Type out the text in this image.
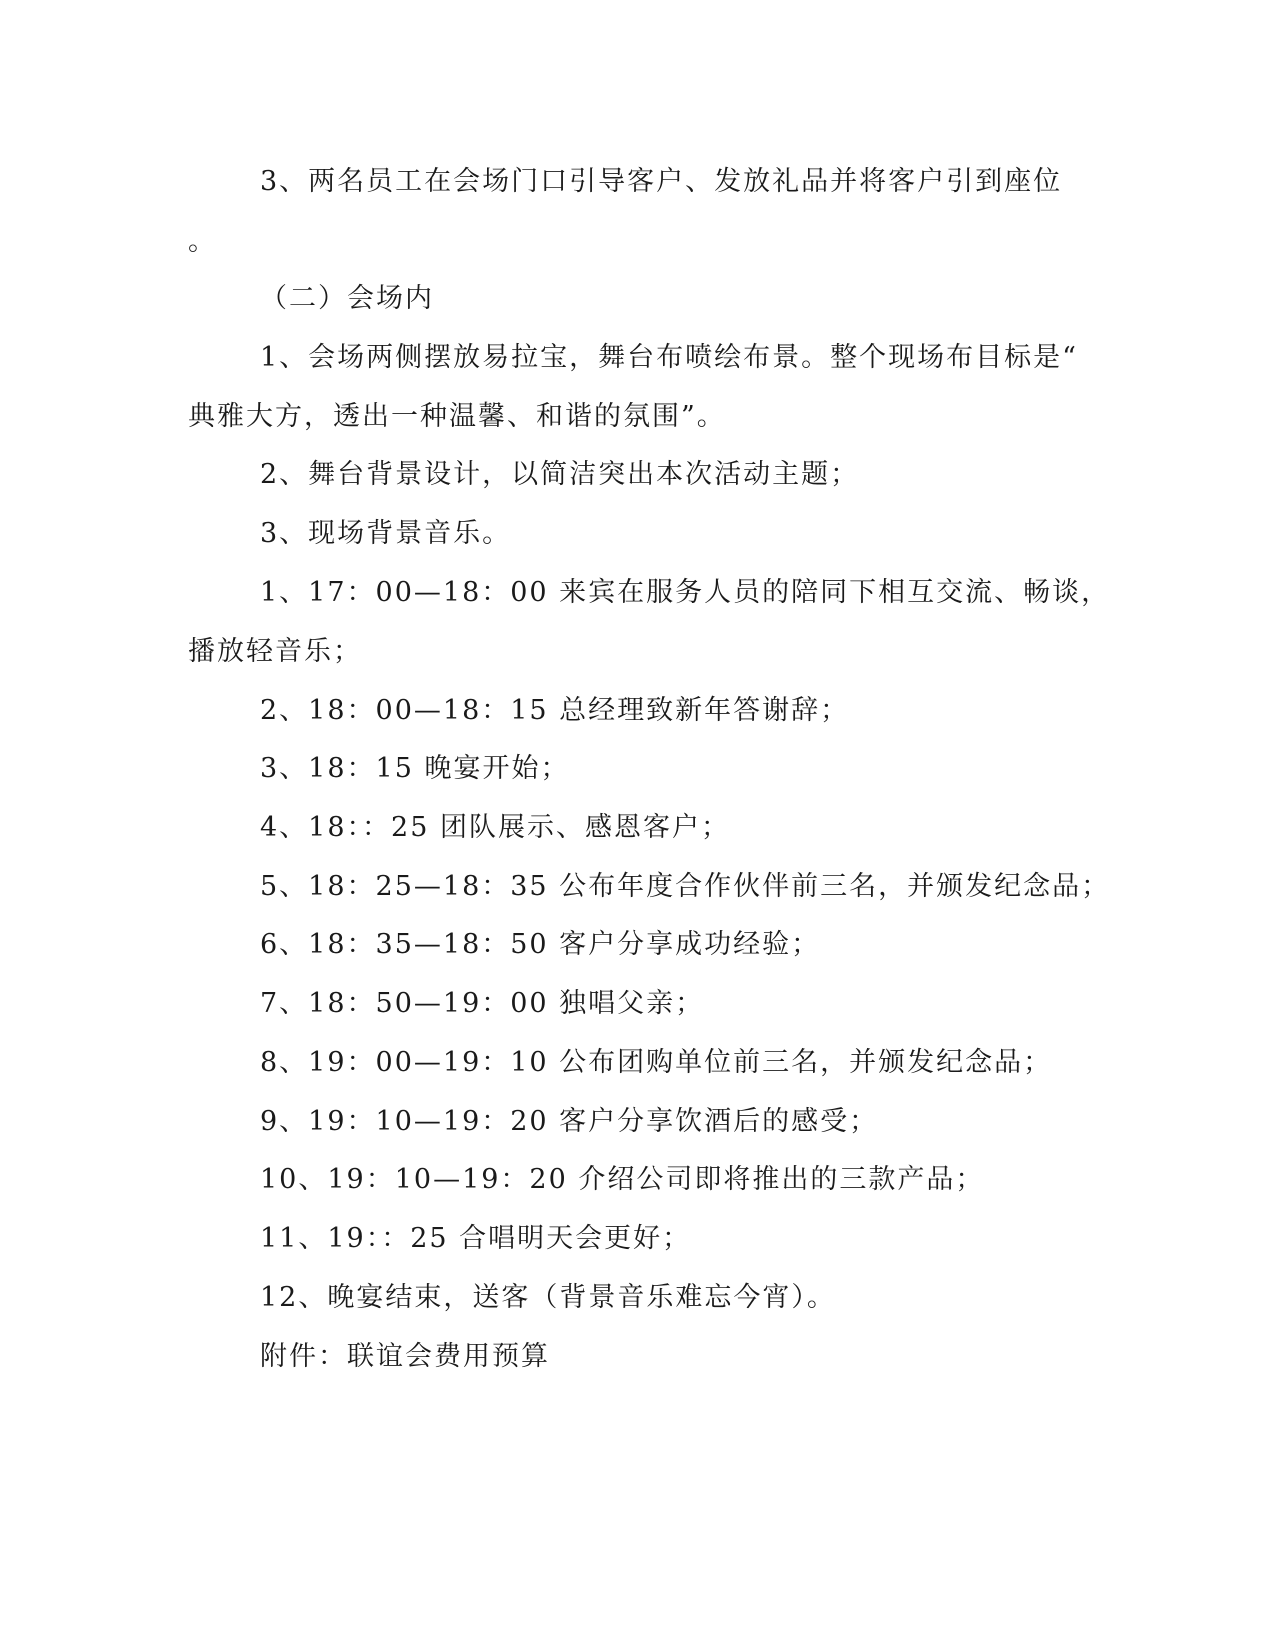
3、两名员工在会场门口引导客户、发放礼品并将客户引到座位
。
（二）会场内
1、会场两侧摆放易拉宝，舞台布喷绘布景。整个现场布目标是“
典雅大方，透出一种温馨、和谐的氛围”。
2、舞台背景设计，以简洁突出本次活动主题；
3、现场背景音乐。
1、17：00—18：00 来宾在服务人员的陪同下相互交流、畅谈，
播放轻音乐；
2、18：00—18：15 总经理致新年答谢辞；
3、18：15 晚宴开始；
4、18：：25 团队展示、感恩客户；
5、18：25—18：35 公布年度合作伙伴前三名，并颁发纪念品；
6、18：35—18：50 客户分享成功经验；
7、18：50—19：00 独唱父亲；
8、19：00—19：10 公布团购单位前三名，并颁发纪念品；
9、19：10—19：20 客户分享饮酒后的感受；
10、19：10—19：20 介绍公司即将推出的三款产品；
11、19：：25 合唱明天会更好；
12、晚宴结束，送客（背景音乐难忘今宵）。
附件：联谊会费用预算
